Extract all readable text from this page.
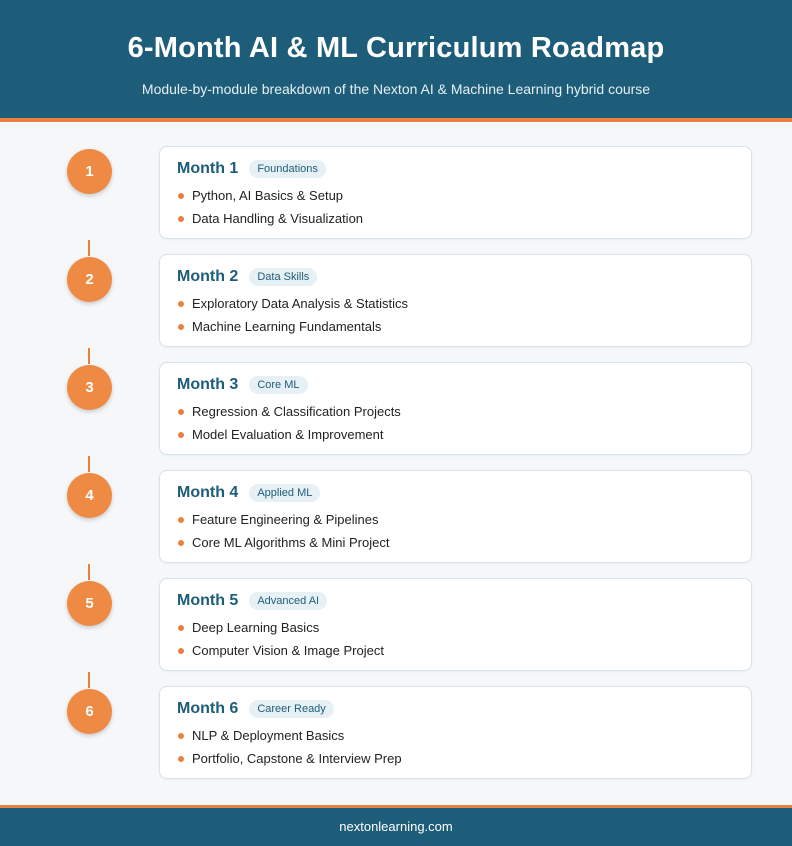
6-Month AI & ML Curriculum Roadmap

Module-by-module breakdown of the Nexton AI & Machine Learning hybrid course

1	Month 1	Foundations
Python, AI Basics & Setup
Data Handling & Visualization
2	Month 2	Data Skills
Exploratory Data Analysis & Statistics
Machine Learning Fundamentals
3	Month 3	Core ML
Regression & Classification Projects
Model Evaluation & Improvement
4	Month 4	Applied ML
Feature Engineering & Pipelines
Core ML Algorithms & Mini Project
5	Month 5	Advanced AI
Deep Learning Basics
Computer Vision & Image Project
6	Month 6	Career Ready
NLP & Deployment Basics
Portfolio, Capstone & Interview Prep
nextonlearning.com
